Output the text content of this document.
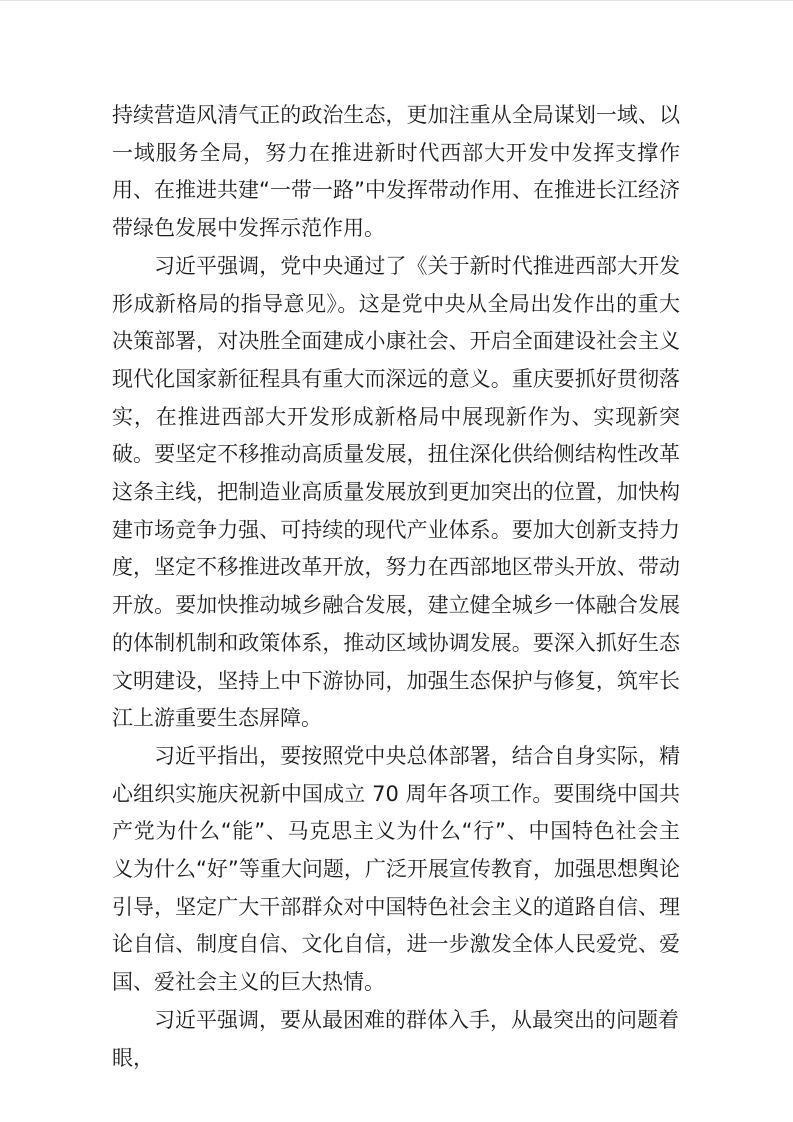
持续营造风清气正的政治生态，更加注重从全局谋划一域、以一域服务全局，努力在推进新时代西部大开发中发挥支撑作用、在推进共建“一带一路”中发挥带动作用、在推进长江经济带绿色发展中发挥示范作用。

习近平强调，党中央通过了《关于新时代推进西部大开发形成新格局的指导意见》。这是党中央从全局出发作出的重大决策部署，对决胜全面建成小康社会、开启全面建设社会主义现代化国家新征程具有重大而深远的意义。重庆要抓好贯彻落实，在推进西部大开发形成新格局中展现新作为、实现新突破。要坚定不移推动高质量发展，扭住深化供给侧结构性改革这条主线，把制造业高质量发展放到更加突出的位置，加快构建市场竞争力强、可持续的现代产业体系。要加大创新支持力度，坚定不移推进改革开放，努力在西部地区带头开放、带动开放。要加快推动城乡融合发展，建立健全城乡一体融合发展的体制机制和政策体系，推动区域协调发展。要深入抓好生态文明建设，坚持上中下游协同，加强生态保护与修复，筑牢长江上游重要生态屏障。

习近平指出，要按照党中央总体部署，结合自身实际，精心组织实施庆祝新中国成立 70 周年各项工作。要围绕中国共产党为什么“能”、马克思主义为什么“行”、中国特色社会主义为什么“好”等重大问题，广泛开展宣传教育，加强思想舆论引导，坚定广大干部群众对中国特色社会主义的道路自信、理论自信、制度自信、文化自信，进一步激发全体人民爱党、爱国、爱社会主义的巨大热情。

习近平强调，要从最困难的群体入手，从最突出的问题着眼，
